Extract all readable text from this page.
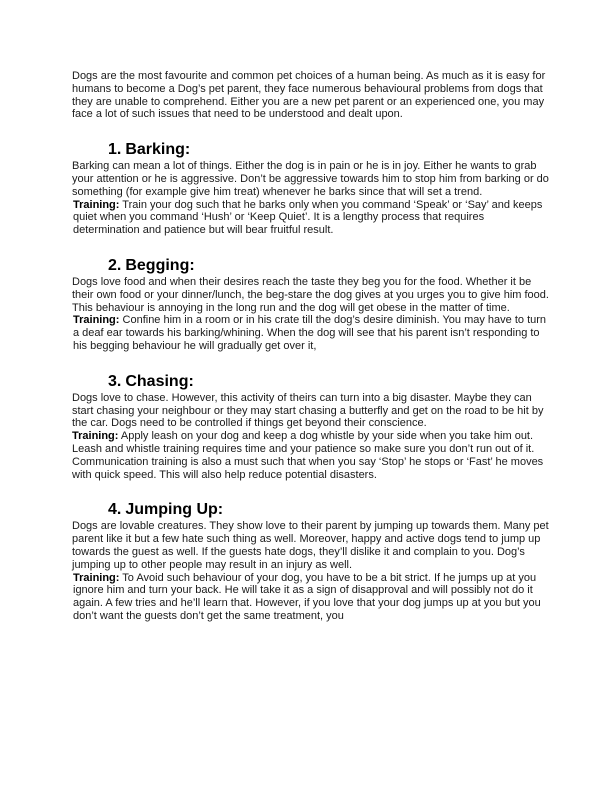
Dogs are the most favourite and common pet choices of a human being. As much as it is easy for humans to become a Dog’s pet parent, they face numerous behavioural problems from dogs that they are unable to comprehend. Either you are a new pet parent or an experienced one, you may face a lot of such issues that need to be understood and dealt upon.

1. Barking:

Barking can mean a lot of things. Either the dog is in pain or he is in joy. Either he wants to grab your attention or he is aggressive. Don’t be aggressive towards him to stop him from barking or do something (for example give him treat) whenever he barks since that will set a trend.

Training: Train your dog such that he barks only when you command ‘Speak’ or ‘Say’ and keeps quiet when you command ‘Hush’ or ‘Keep Quiet’. It is a lengthy process that requires determination and patience but will bear fruitful result.

2. Begging:

Dogs love food and when their desires reach the taste they beg you for the food. Whether it be their own food or your dinner/lunch, the beg-stare the dog gives at you urges you to give him food. This behaviour is annoying in the long run and the dog will get obese in the matter of time.

Training: Confine him in a room or in his crate till the dog’s desire diminish. You may have to turn a deaf ear towards his barking/whining. When the dog will see that his parent isn’t responding to his begging behaviour he will gradually get over it,

3. Chasing:

Dogs love to chase. However, this activity of theirs can turn into a big disaster. Maybe they can start chasing your neighbour or they may start chasing a butterfly and get on the road to be hit by the car. Dogs need to be controlled if things get beyond their conscience.

Training: Apply leash on your dog and keep a dog whistle by your side when you take him out. Leash and whistle training requires time and your patience so make sure you don’t run out of it. Communication training is also a must such that when you say ‘Stop’ he stops or ‘Fast’ he moves with quick speed. This will also help reduce potential disasters.

4. Jumping Up:

Dogs are lovable creatures. They show love to their parent by jumping up towards them. Many pet parent like it but a few hate such thing as well. Moreover, happy and active dogs tend to jump up towards the guest as well. If the guests hate dogs, they’ll dislike it and complain to you. Dog’s jumping up to other people may result in an injury as well.

Training: To Avoid such behaviour of your dog, you have to be a bit strict. If he jumps up at you ignore him and turn your back. He will take it as a sign of disapproval and will possibly not do it again. A few tries and he’ll learn that. However, if you love that your dog jumps up at you but you don’t want the guests don’t get the same treatment, you
